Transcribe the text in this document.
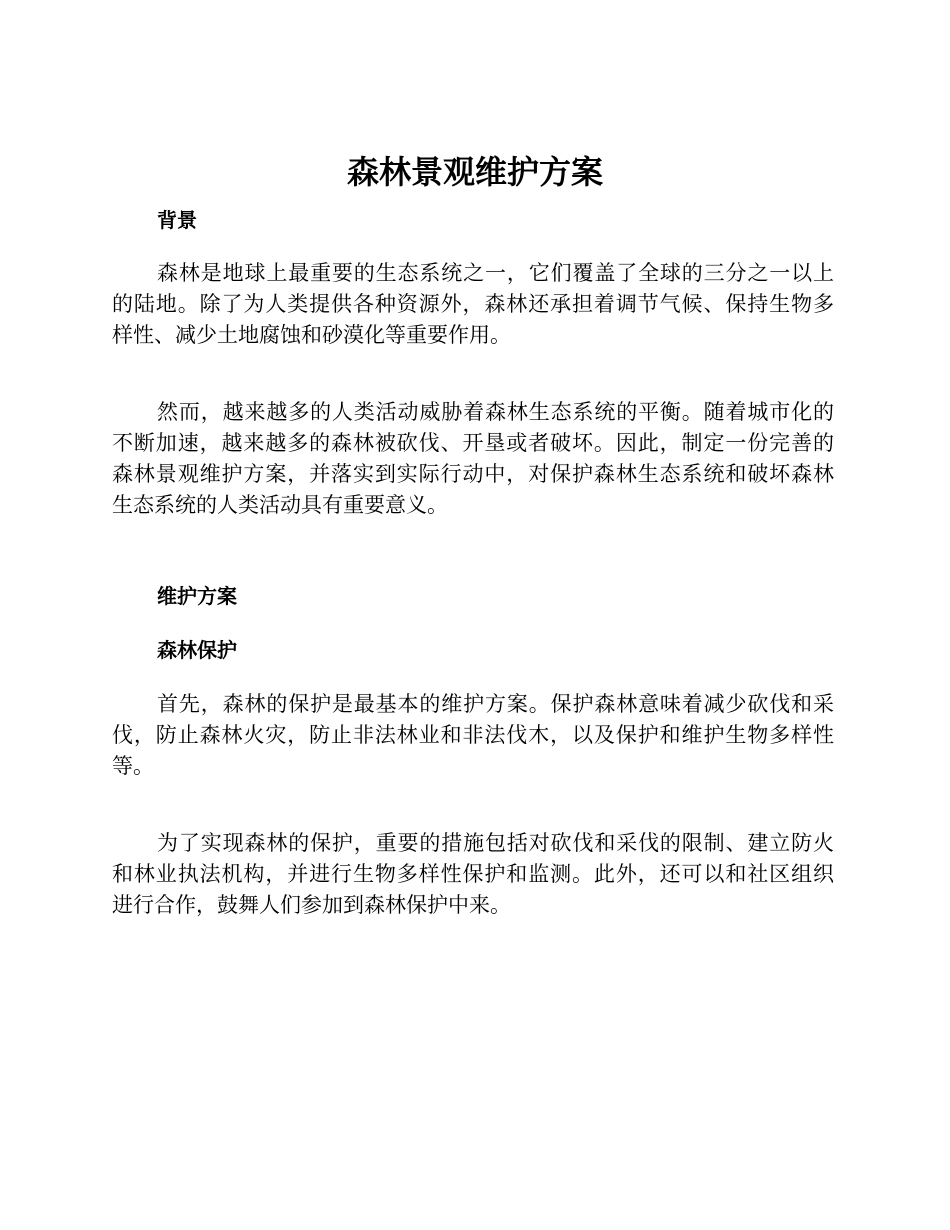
森林景观维护方案
背景

森林是地球上最重要的生态系统之一，它们覆盖了全球的三分之一以上
的陆地。除了为人类提供各种资源外，森林还承担着调节气候、保持生物多
样性、减少土地腐蚀和砂漠化等重要作用。

然而，越来越多的人类活动威胁着森林生态系统的平衡。随着城市化的
不断加速，越来越多的森林被砍伐、开垦或者破坏。因此，制定一份完善的
森林景观维护方案，并落实到实际行动中，对保护森林生态系统和破坏森林
生态系统的人类活动具有重要意义。

维护方案
森林保护

首先，森林的保护是最基本的维护方案。保护森林意味着减少砍伐和采
伐，防止森林火灾，防止非法林业和非法伐木，以及保护和维护生物多样性
等。

为了实现森林的保护，重要的措施包括对砍伐和采伐的限制、建立防火
和林业执法机构，并进行生物多样性保护和监测。此外，还可以和社区组织
进行合作，鼓舞人们参加到森林保护中来。
